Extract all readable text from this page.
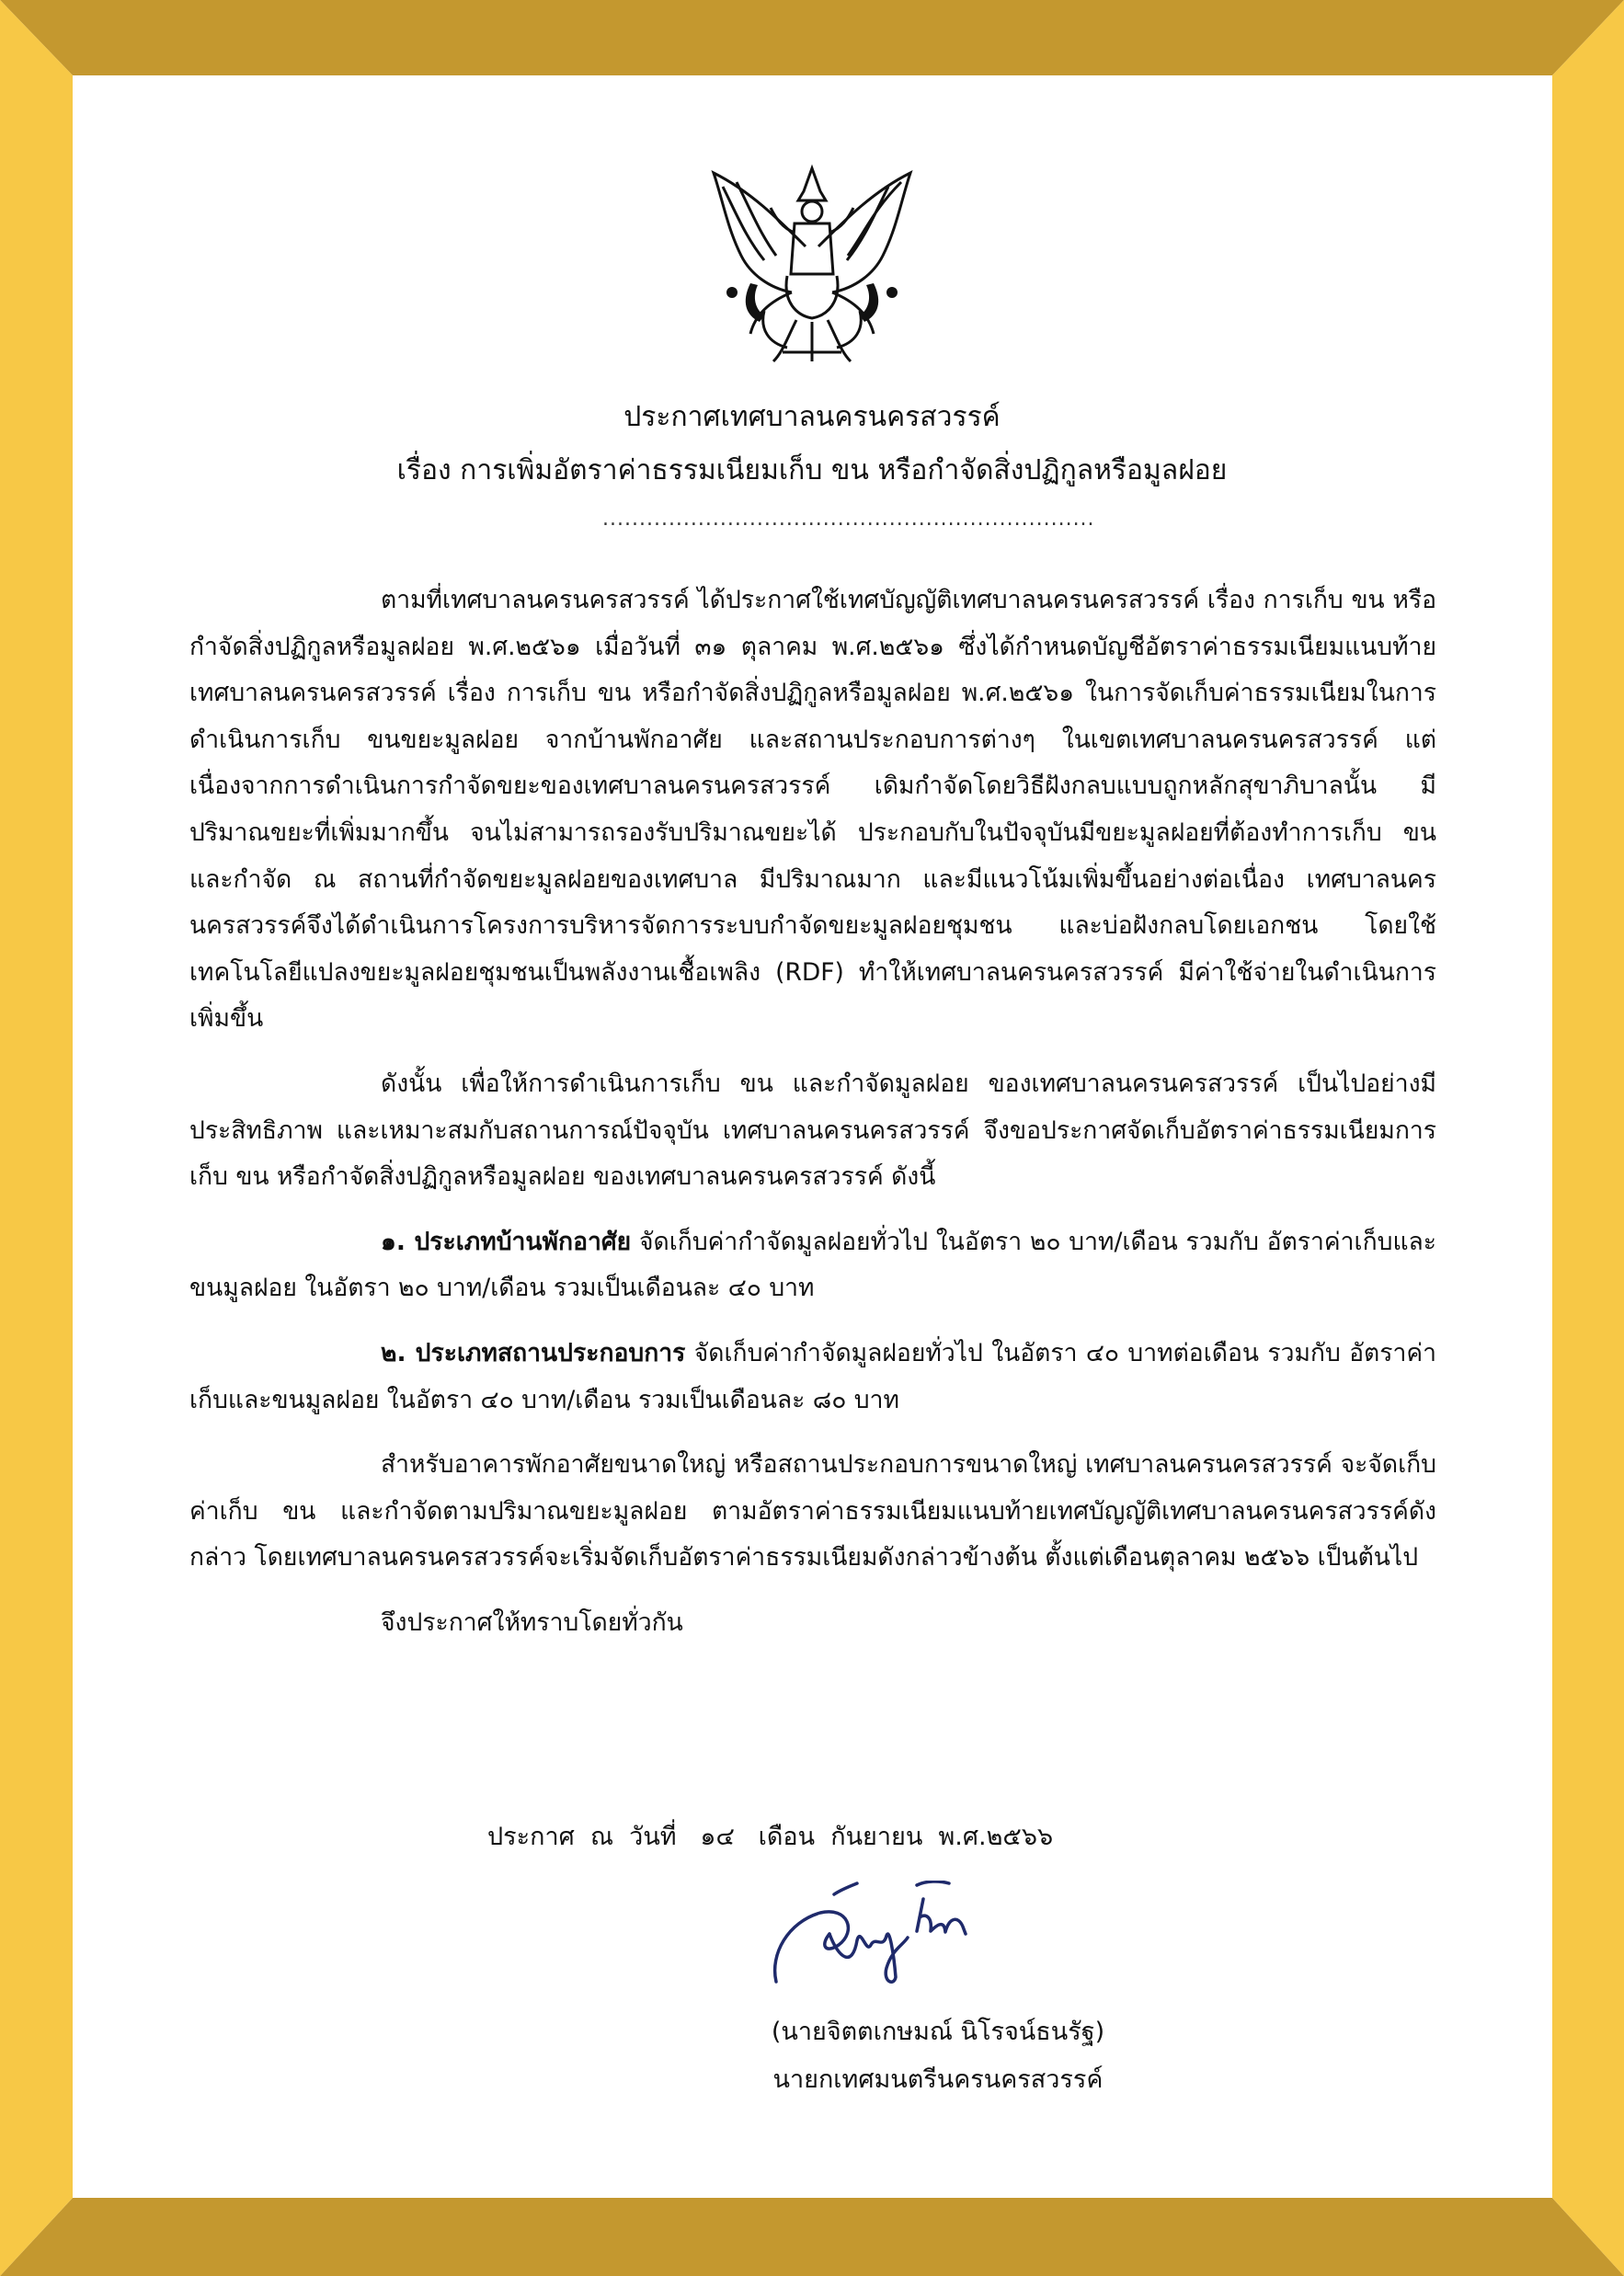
ประกาศเทศบาลนครนครสวรรค์
เรื่อง การเพิ่มอัตราค่าธรรมเนียมเก็บ ขน หรือกำจัดสิ่งปฏิกูลหรือมูลฝอย
...................................................................

ตามที่เทศบาลนครนครสวรรค์ ได้ประกาศใช้เทศบัญญัติเทศบาลนครนครสวรรค์ เรื่อง การเก็บ ขน หรือกำจัดสิ่งปฏิกูลหรือมูลฝอย พ.ศ.๒๕๖๑ เมื่อวันที่ ๓๑ ตุลาคม พ.ศ.๒๕๖๑ ซึ่งได้กำหนดบัญชีอัตราค่าธรรมเนียมแนบท้ายเทศบาลนครนครสวรรค์ เรื่อง การเก็บ ขน หรือกำจัดสิ่งปฏิกูลหรือมูลฝอย พ.ศ.๒๕๖๑ ในการจัดเก็บค่าธรรมเนียมในการดำเนินการเก็บ ขนขยะมูลฝอย จากบ้านพักอาศัย และสถานประกอบการต่างๆ ในเขตเทศบาลนครนครสวรรค์ แต่เนื่องจากการดำเนินการกำจัดขยะของเทศบาลนครนครสวรรค์ เดิมกำจัดโดยวิธีฝังกลบแบบถูกหลักสุขาภิบาลนั้น มีปริมาณขยะที่เพิ่มมากขึ้น จนไม่สามารถรองรับปริมาณขยะได้ ประกอบกับในปัจจุบันมีขยะมูลฝอยที่ต้องทำการเก็บ ขน และกำจัด ณ สถานที่กำจัดขยะมูลฝอยของเทศบาล มีปริมาณมาก และมีแนวโน้มเพิ่มขึ้นอย่างต่อเนื่อง เทศบาลนครนครสวรรค์จึงได้ดำเนินการโครงการบริหารจัดการระบบกำจัดขยะมูลฝอยชุมชน และบ่อฝังกลบโดยเอกชน โดยใช้เทคโนโลยีแปลงขยะมูลฝอยชุมชนเป็นพลังงานเชื้อเพลิง (RDF) ทำให้เทศบาลนครนครสวรรค์ มีค่าใช้จ่ายในดำเนินการเพิ่มขึ้น

ดังนั้น เพื่อให้การดำเนินการเก็บ ขน และกำจัดมูลฝอย ของเทศบาลนครนครสวรรค์ เป็นไปอย่างมีประสิทธิภาพ และเหมาะสมกับสถานการณ์ปัจจุบัน เทศบาลนครนครสวรรค์ จึงขอประกาศจัดเก็บอัตราค่าธรรมเนียมการเก็บ ขน หรือกำจัดสิ่งปฏิกูลหรือมูลฝอย ของเทศบาลนครนครสวรรค์ ดังนี้

๑. ประเภทบ้านพักอาศัย จัดเก็บค่ากำจัดมูลฝอยทั่วไป ในอัตรา ๒๐ บาท/เดือน รวมกับ อัตราค่าเก็บและขนมูลฝอย ในอัตรา ๒๐ บาท/เดือน รวมเป็นเดือนละ ๔๐ บาท

๒. ประเภทสถานประกอบการ จัดเก็บค่ากำจัดมูลฝอยทั่วไป ในอัตรา ๔๐ บาทต่อเดือน รวมกับ อัตราค่าเก็บและขนมูลฝอย ในอัตรา ๔๐ บาท/เดือน รวมเป็นเดือนละ ๘๐ บาท

สำหรับอาคารพักอาศัยขนาดใหญ่ หรือสถานประกอบการขนาดใหญ่ เทศบาลนครนครสวรรค์ จะจัดเก็บค่าเก็บ ขน และกำจัดตามปริมาณขยะมูลฝอย ตามอัตราค่าธรรมเนียมแนบท้ายเทศบัญญัติเทศบาลนครนครสวรรค์ดังกล่าว โดยเทศบาลนครนครสวรรค์จะเริ่มจัดเก็บอัตราค่าธรรมเนียมดังกล่าวข้างต้น ตั้งแต่เดือนตุลาคม ๒๕๖๖ เป็นต้นไป

จึงประกาศให้ทราบโดยทั่วกัน

ประกาศ  ณ  วันที่   ๑๔   เดือน  กันยายน  พ.ศ.๒๕๖๖
(นายจิตตเกษมณ์ นิโรจน์ธนรัฐ)
นายกเทศมนตรีนครนครสวรรค์
